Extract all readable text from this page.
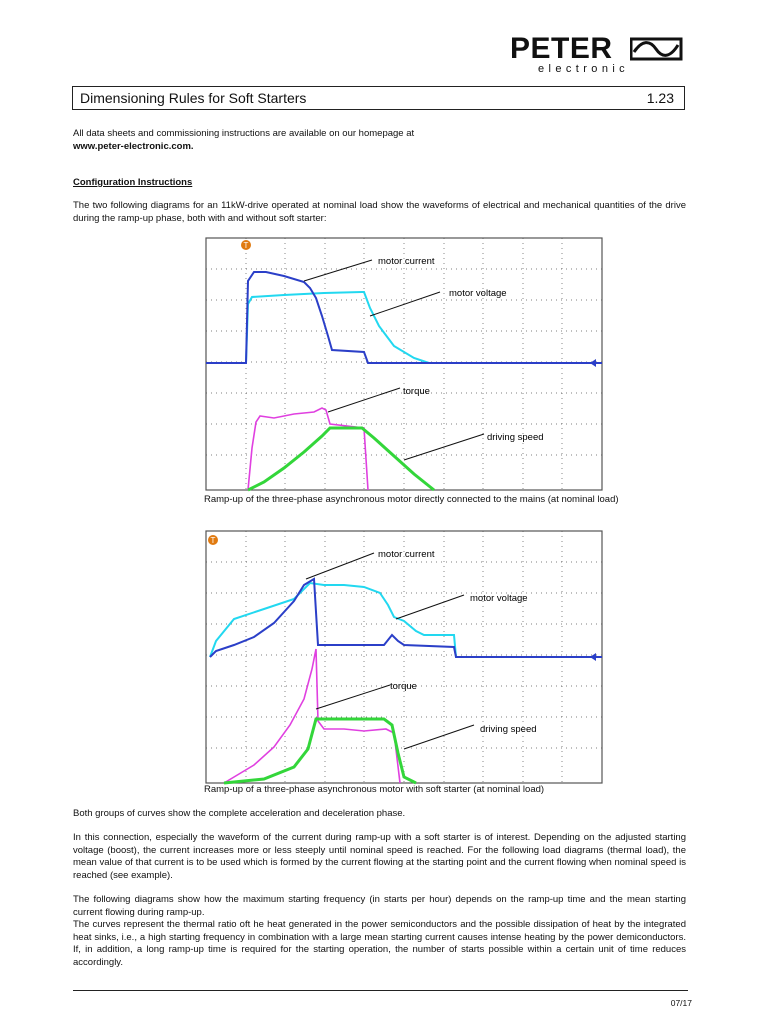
PETER
electronic
Dimensioning Rules for Soft Starters	1.23
All data sheets and commissioning instructions are available on our homepage at
www.peter-electronic.com.
Configuration Instructions
The two following diagrams for an 11kW-drive operated at nominal load show the waveforms of electrical and mechanical quantities of the drive during the ramp-up phase, both with and without soft starter:
T
motor current
motor voltage
torque
driving speed
Ramp-up of the three-phase asynchronous motor directly connected to the mains (at nominal load)
T
motor current
motor voltage
torque
driving speed
Ramp-up of a three-phase asynchronous motor with soft starter (at nominal load)
Both groups of curves show the complete acceleration and deceleration phase.
In this connection, especially the waveform of the current during ramp-up with a soft starter is of interest. Depending on the adjusted starting voltage (boost), the current increases more or less steeply until nominal speed is reached. For the following load diagrams (thermal load), the mean value of that current is to be used which is formed by the current flowing at the starting point and the current flowing when nominal speed is reached (see example).
The following diagrams show how the maximum starting frequency (in starts per hour) depends on the ramp-up time and the mean starting current flowing during ramp-up.
The curves represent the thermal ratio oft he heat generated in the power semiconductors and the possible dissipation of heat by the integrated heat sinks, i.e., a high starting frequency in combination with a large mean starting current causes intense heating by the power demiconductors. If, in addition, a long ramp-up time is required for the starting operation, the number of starts possible within a certain unit of time reduces accordingly.
07/17
